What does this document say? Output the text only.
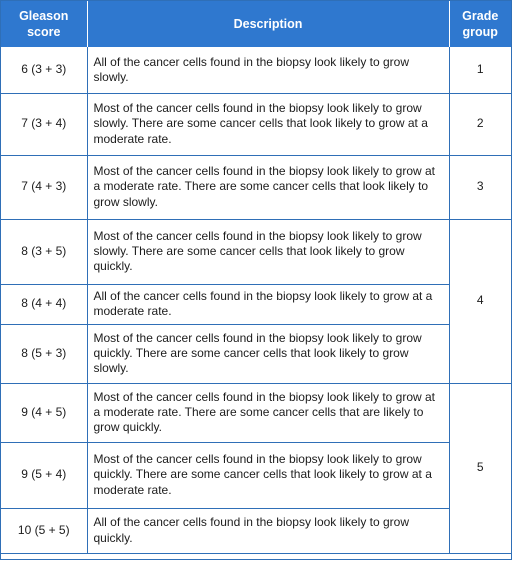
Gleason score	Description	Grade group
6 (3 + 3)	All of the cancer cells found in the biopsy look likely to grow slowly.	1
7 (3 + 4)	Most of the cancer cells found in the biopsy look likely to grow slowly. There are some cancer cells that look likely to grow at a moderate rate.	2
7 (4 + 3)	Most of the cancer cells found in the biopsy look likely to grow at a moderate rate. There are some cancer cells that look likely to grow slowly.	3
8 (3 + 5)	Most of the cancer cells found in the biopsy look likely to grow slowly. There are some cancer cells that look likely to grow quickly.	4
8 (4 + 4)	All of the cancer cells found in the biopsy look likely to grow at a moderate rate.	
8 (5 + 3)	Most of the cancer cells found in the biopsy look likely to grow quickly. There are some cancer cells that look likely to grow slowly.	
9 (4 + 5)	Most of the cancer cells found in the biopsy look likely to grow at a moderate rate. There are some cancer cells that are likely to grow quickly.	5
9 (5 + 4)	Most of the cancer cells found in the biopsy look likely to grow quickly. There are some cancer cells that look likely to grow at a moderate rate.	
10 (5 + 5)	All of the cancer cells found in the biopsy look likely to grow quickly.	
